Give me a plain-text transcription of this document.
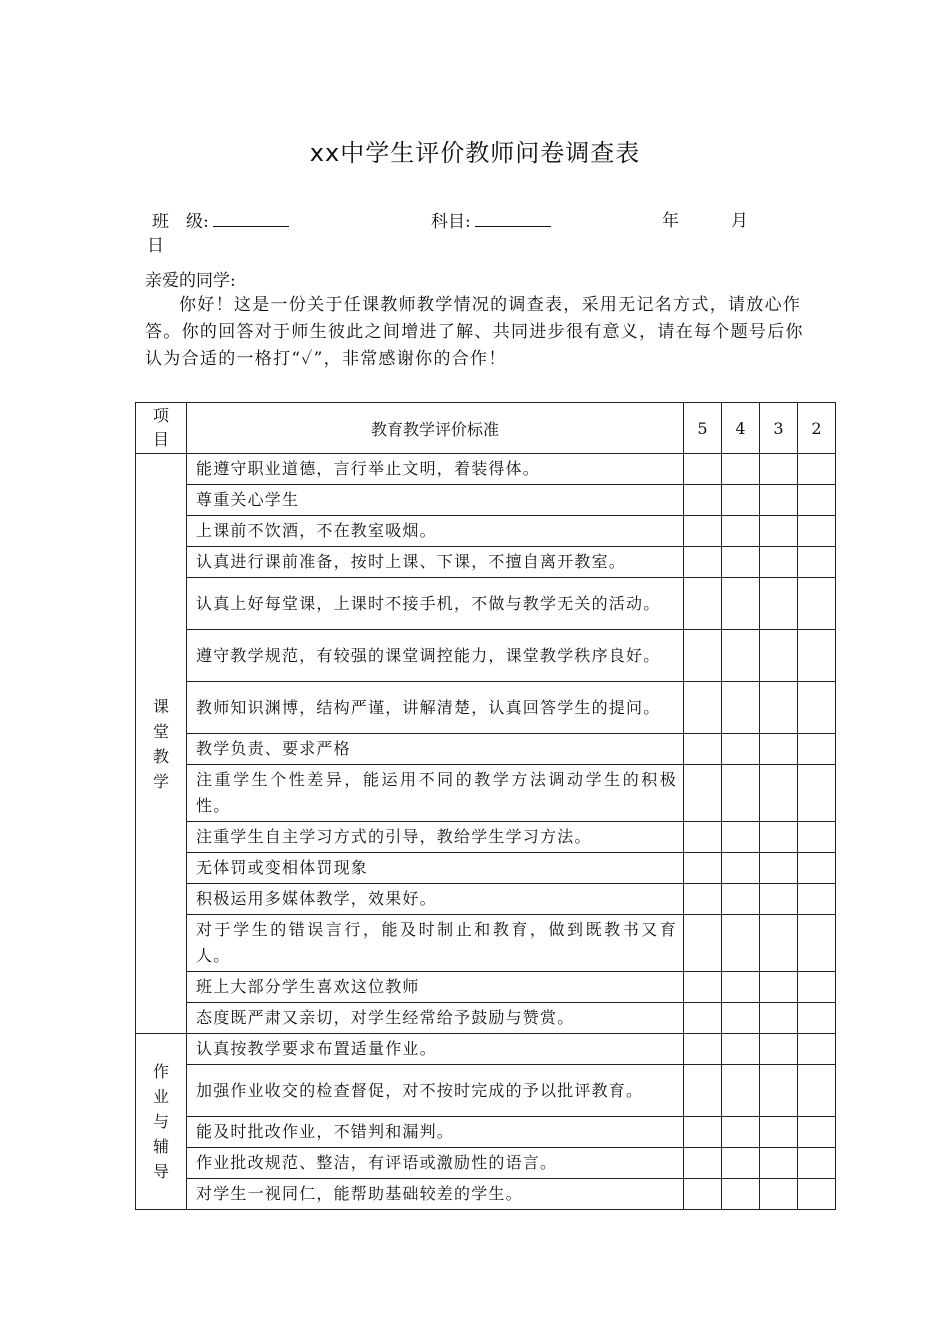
xx中学生评价教师问卷调查表
班　级:	科目:	年	月
日
亲爱的同学:

你好！这是一份关于任课教师教学情况的调查表，采用无记名方式，请放心作答。你的回答对于师生彼此之间增进了解、共同进步很有意义，请在每个题号后你认为合适的一格打“✓”，非常感谢你的合作！

项
目	教育教学评价标准	5	4	3	2

课
堂
教
学	能遵守职业道德，言行举止文明，着装得体。				
	尊重关心学生				
	上课前不饮酒，不在教室吸烟。				
	认真进行课前准备，按时上课、下课，不擅自离开教室。				
	认真上好每堂课，上课时不接手机，不做与教学无关的活动。				
	遵守教学规范，有较强的课堂调控能力，课堂教学秩序良好。				
	教师知识渊博，结构严谨，讲解清楚，认真回答学生的提问。				
	教学负责、要求严格				
	注重学生个性差异，能运用不同的教学方法调动学生的积极性。				
	注重学生自主学习方式的引导，教给学生学习方法。				
	无体罚或变相体罚现象				
	积极运用多媒体教学，效果好。				
	对于学生的错误言行，能及时制止和教育，做到既教书又育人。				
	班上大部分学生喜欢这位教师				
	态度既严肃又亲切，对学生经常给予鼓励与赞赏。				

作
业
与
辅
导	认真按教学要求布置适量作业。				
	加强作业收交的检查督促，对不按时完成的予以批评教育。				
	能及时批改作业，不错判和漏判。				
	作业批改规范、整洁，有评语或激励性的语言。				
	对学生一视同仁，能帮助基础较差的学生。				
